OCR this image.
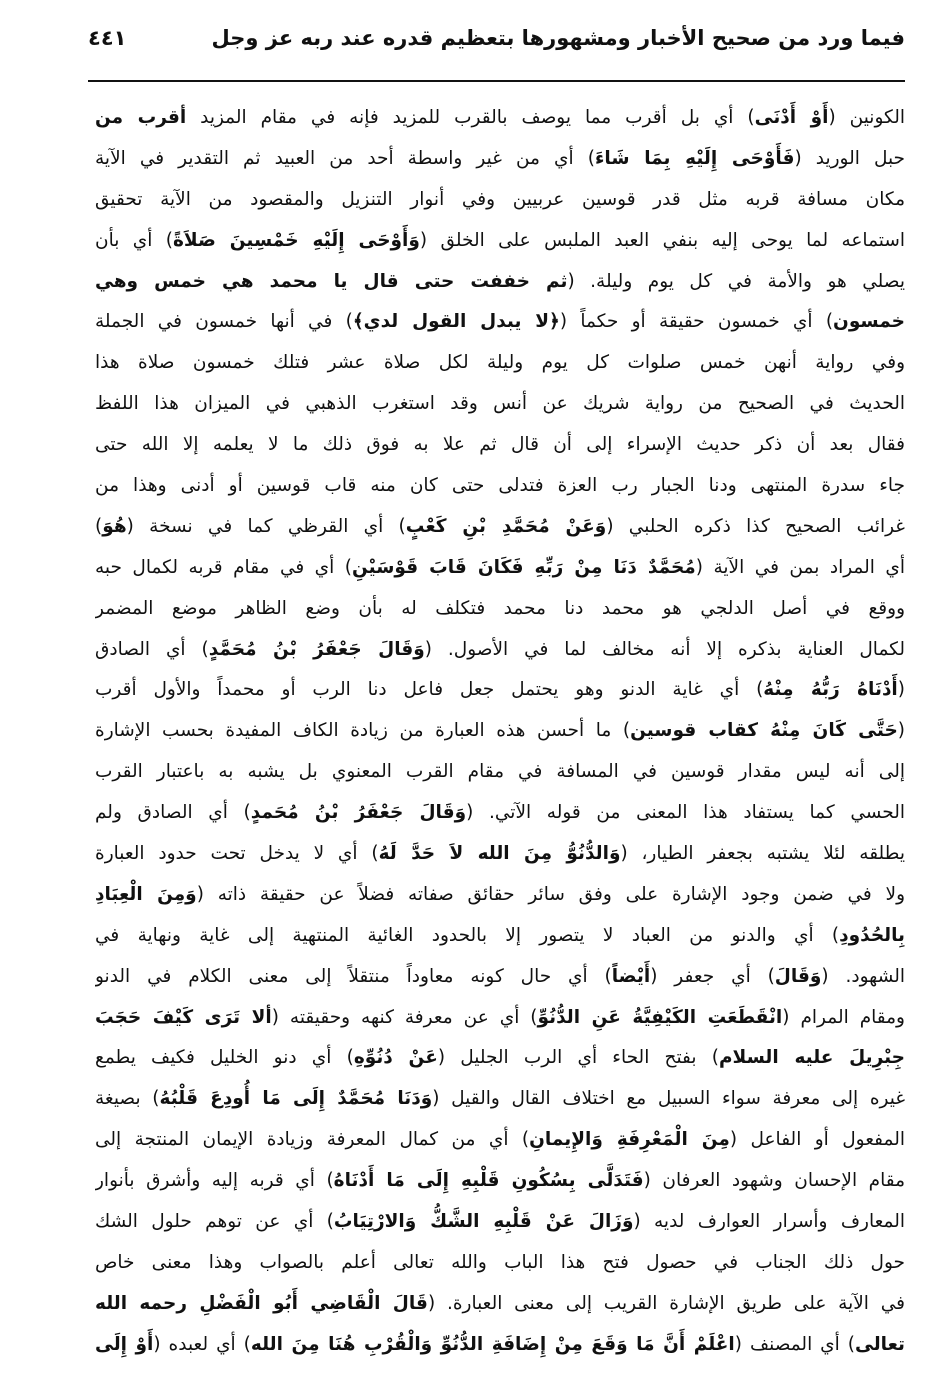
فيما ورد من صحيح الأخبار ومشهورها بتعظيم قدره عند ربه عز وجل
٤٤١
الكونين (أَوْ أَدْنَى) أي بل أقرب مما يوصف بالقرب للمزيد فإنه في مقام المزيد أقرب من
حبل الوريد (فَأَوْحَى إِلَيْهِ بِمَا شَاءَ) أي من غير واسطة أحد من العبيد ثم التقدير في الآية
مكان مسافة قربه مثل قدر قوسين عربيين وفي أنوار التنزيل والمقصود من الآية تحقيق
استماعه لما يوحى إليه بنفي العبد الملبس على الخلق (وَأَوْحَى إِلَيْهِ خَمْسِينَ صَلاَةً) أي بأن
يصلي هو والأمة في كل يوم وليلة. (ثم خففت حتى قال يا محمد هي خمس وهي
خمسون) أي خمسون حقيقة أو حكماً (﴿لا يبدل القول لدي﴾) في أنها خمسون في الجملة
وفي رواية أنهن خمس صلوات كل يوم وليلة لكل صلاة عشر فتلك خمسون صلاة هذا
الحديث في الصحيح من رواية شريك عن أنس وقد استغرب الذهبي في الميزان هذا اللفظ
فقال بعد أن ذكر حديث الإسراء إلى أن قال ثم علا به فوق ذلك ما لا يعلمه إلا الله حتى
جاء سدرة المنتهى ودنا الجبار رب العزة فتدلى حتى كان منه قاب قوسين أو أدنى وهذا من
غرائب الصحيح كذا ذكره الحلبي (وَعَنْ مُحَمَّدِ بْنِ كَعْبٍ) أي القرظي كما في نسخة (هُوَ)
أي المراد بمن في الآية (مُحَمَّدٌ دَنَا مِنْ رَبِّهِ فَكَانَ قَابَ قَوْسَيْنِ) أي في مقام قربه لكمال حبه
ووقع في أصل الدلجي هو محمد دنا محمد فتكلف له بأن وضع الظاهر موضع المضمر
لكمال العناية بذكره إلا أنه مخالف لما في الأصول. (وَقَالَ جَعْفَرُ بْنُ مُحَمَّدٍ) أي الصادق
(أَدْنَاهُ رَبُّهُ مِنْهُ) أي غاية الدنو وهو يحتمل جعل فاعل دنا الرب أو محمداً والأول أقرب
(حَتَّى كَانَ مِنْهُ كقاب قوسين) ما أحسن هذه العبارة من زيادة الكاف المفيدة بحسب الإشارة
إلى أنه ليس مقدار قوسين في المسافة في مقام القرب المعنوي بل يشبه به باعتبار القرب
الحسي كما يستفاد هذا المعنى من قوله الآتي. (وَقَالَ جَعْفَرُ بْنُ مُحَمدٍ) أي الصادق ولم
يطلقه لئلا يشتبه بجعفر الطيار، (وَالدُّنُوُّ مِنَ الله لاَ حَدَّ لَهُ) أي لا يدخل تحت حدود العبارة
ولا في ضمن وجود الإشارة على وفق سائر حقائق صفاته فضلاً عن حقيقة ذاته (وَمِنَ الْعِبَادِ
بِالحُدُودِ) أي والدنو من العباد لا يتصور إلا بالحدود الغائية المنتهية إلى غاية ونهاية في
الشهود. (وَقَالَ) أي جعفر (أَيْضاً) أي حال كونه معاوداً منتقلاً إلى معنى الكلام في الدنو
ومقام المرام (انْقَطَعَتِ الكَيْفِيَّةُ عَنِ الدُّنُوِّ) أي عن معرفة كنهه وحقيقته (ألا تَرَى كَيْفَ حَجَبَ
جِبْرِيلَ عليه السلام) بفتح الحاء أي الرب الجليل (عَنْ دُنُوِّهِ) أي دنو الخليل فكيف يطمع
غيره إلى معرفة سواء السبيل مع اختلاف القال والقيل (وَدَنَا مُحَمَّدٌ إِلَى مَا أُودِعَ قَلْبُهُ) بصيغة
المفعول أو الفاعل (مِنَ الْمَعْرِفَةِ وَالإِيمانِ) أي من كمال المعرفة وزيادة الإيمان المنتجة إلى
مقام الإحسان وشهود العرفان (فَتَدَلَّى بِسُكُونِ قَلْبِهِ إِلَى مَا أَدْنَاهُ) أي قربه إليه وأشرق بأنوار
المعارف وأسرار العوارف لديه (وَزَالَ عَنْ قَلْبِهِ الشَّكُّ وَالارْتِيَابُ) أي عن توهم حلول الشك
حول ذلك الجناب في حصول فتح هذا الباب والله تعالى أعلم بالصواب وهذا معنى خاص
في الآية على طريق الإشارة القريب إلى معنى العبارة. (قَالَ الْقَاضِي أَبُو الْفَضْلِ رحمه الله
تعالى) أي المصنف (اعْلَمْ أَنَّ مَا وَقَعَ مِنْ إِضَافَةِ الدُّنُوِّ وَالْقُرْبِ هُنَا مِنَ الله) أي لعبده (أَوْ إِلَى
